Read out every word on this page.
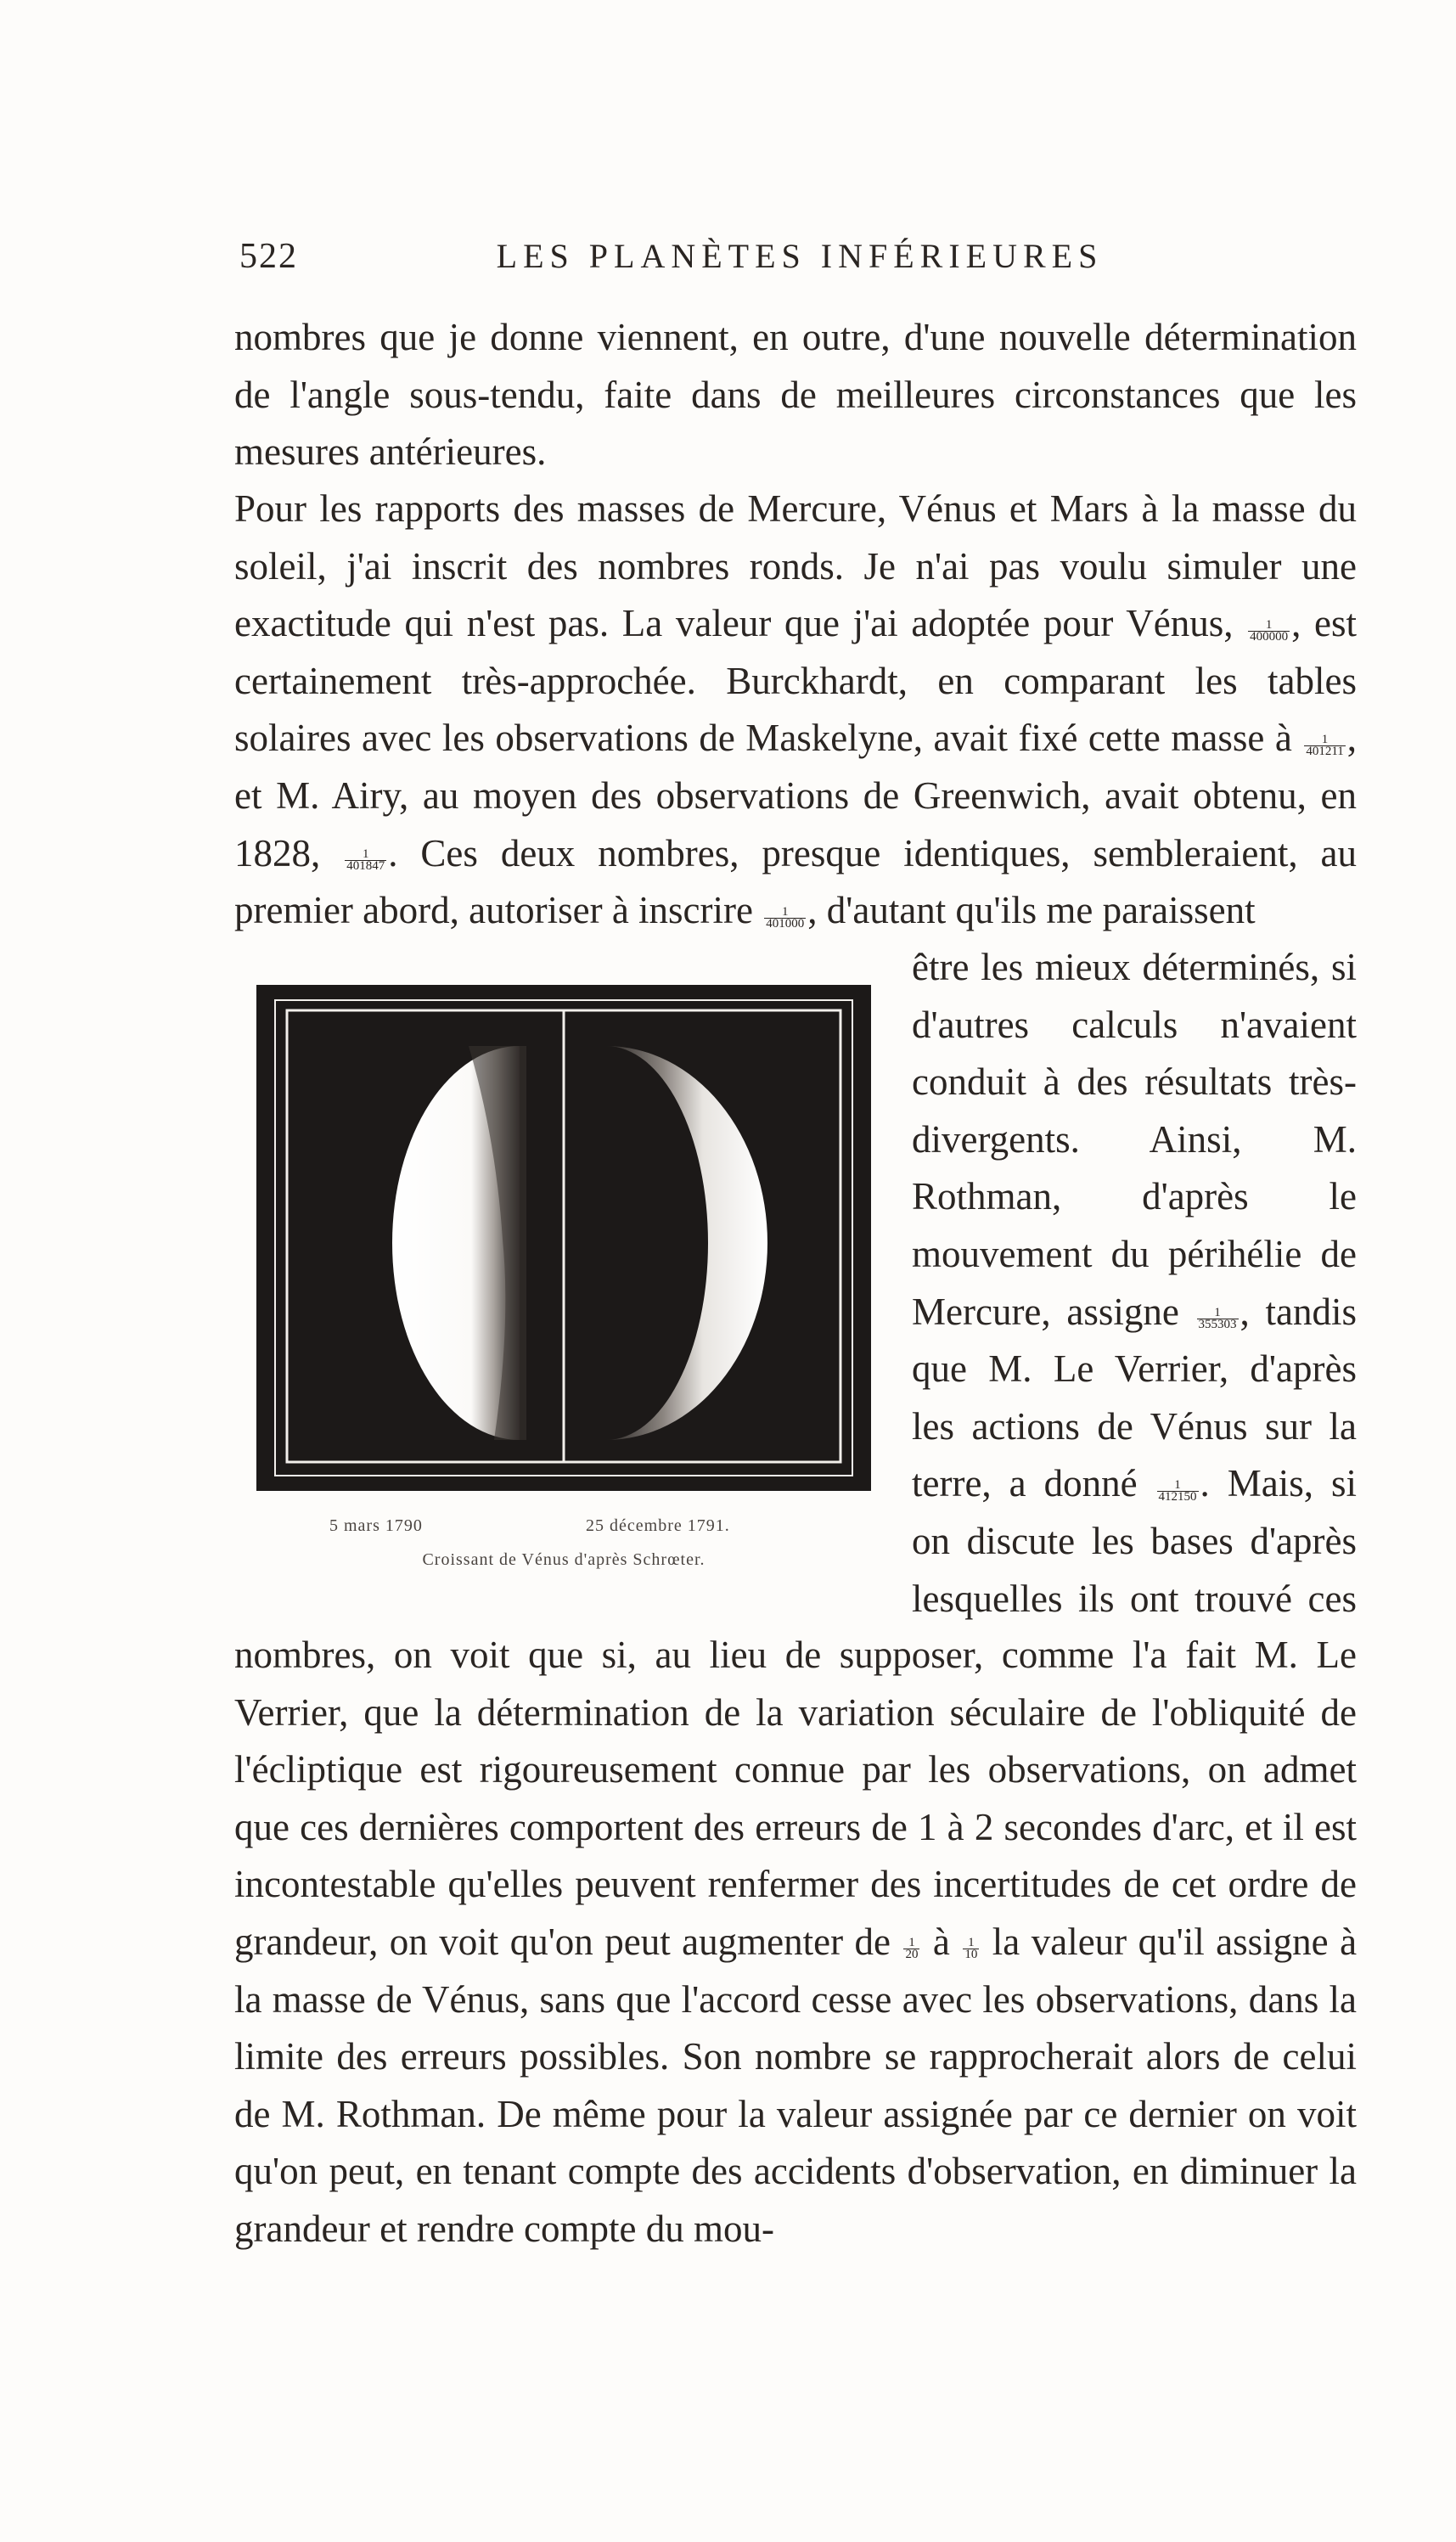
522	LES PLANÈTES INFÉRIEURES

nombres que je donne viennent, en outre, d'une nouvelle détermination de l'angle sous-tendu, faite dans de meilleures circonstances que les mesures antérieures.

Pour les rapports des masses de Mercure, Vénus et Mars à la masse du soleil, j'ai inscrit des nombres ronds. Je n'ai pas voulu simuler une exactitude qui n'est pas. La valeur que j'ai adoptée pour Vénus, $\frac{1}{400000}$ , est certainement très-approchée. Burckhardt, en comparant les tables solaires avec les observations de Maskelyne, avait fixé cette masse à $\frac{1}{401211}$ , et M. Airy, au moyen des observations de Greenwich, avait obtenu, en 1828, $\frac{1}{401847}$ . Ces deux nombres, presque identiques, sembleraient, au premier abord, autoriser à inscrire $\frac{1}{401000}$ , d'autant qu'ils me paraissent

5 mars 1790	25 décembre 1791.
Croissant de Vénus d'après Schrœter.

être les mieux déterminés, si d'autres calculs n'avaient conduit à des résultats très-divergents. Ainsi, M. Rothman, d'après le mouvement du périhélie de Mercure, assigne $\frac{1}{355303}$ , tandis que M. Le Verrier, d'après les actions de Vénus sur la terre, a donné $\frac{1}{412150}$ . Mais, si on discute les bases d'après lesquelles ils ont trouvé ces

nombres, on voit que si, au lieu de supposer, comme l'a fait M. Le Verrier, que la détermination de la variation séculaire de l'obliquité de l'écliptique est rigoureusement connue par les observations, on admet que ces dernières comportent des erreurs de 1 à 2 secondes d'arc, et il est incontestable qu'elles peuvent renfermer des incertitudes de cet ordre de grandeur, on voit qu'on peut augmenter de $\frac{1}{20}$ à $\frac{1}{10}$ la valeur qu'il assigne à la masse de Vénus, sans que l'accord cesse avec les observations, dans la limite des erreurs possibles. Son nombre se rapprocherait alors de celui de M. Rothman. De même pour la valeur assignée par ce dernier on voit qu'on peut, en tenant compte des accidents d'observation, en diminuer la grandeur et rendre compte du mou-
